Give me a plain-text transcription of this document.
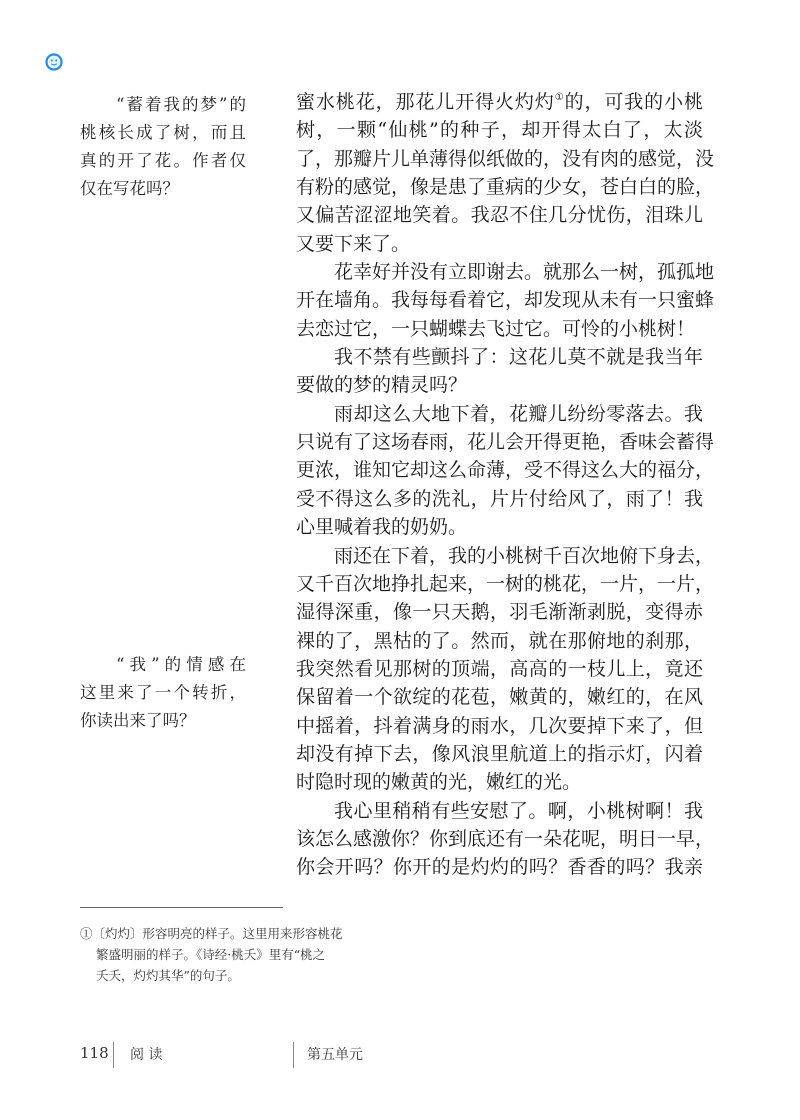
“蓄着我的梦”的
桃核长成了树，而且
真的开了花。作者仅
仅在写花吗？
“我”的情感在
这里来了一个转折，
你读出来了吗？
蜜水桃花，那花儿开得火灼灼①的，可我的小桃
树，一颗“仙桃”的种子，却开得太白了，太淡
了，那瓣片儿单薄得似纸做的，没有肉的感觉，没
有粉的感觉，像是患了重病的少女，苍白白的脸，
又偏苦涩涩地笑着。我忍不住几分忧伤，泪珠儿
又要下来了。
花幸好并没有立即谢去。就那么一树，孤孤地
开在墙角。我每每看着它，却发现从未有一只蜜蜂
去恋过它，一只蝴蝶去飞过它。可怜的小桃树！
我不禁有些颤抖了：这花儿莫不就是我当年
要做的梦的精灵吗？
雨却这么大地下着，花瓣儿纷纷零落去。我
只说有了这场春雨，花儿会开得更艳，香味会蓄得
更浓，谁知它却这么命薄，受不得这么大的福分，
受不得这么多的洗礼，片片付给风了，雨了！我
心里喊着我的奶奶。
雨还在下着，我的小桃树千百次地俯下身去，
又千百次地挣扎起来，一树的桃花，一片，一片，
湿得深重，像一只天鹅，羽毛渐渐剥脱，变得赤
裸的了，黑枯的了。然而，就在那俯地的刹那，
我突然看见那树的顶端，高高的一枝儿上，竟还
保留着一个欲绽的花苞，嫩黄的，嫩红的，在风
中摇着，抖着满身的雨水，几次要掉下来了，但
却没有掉下去，像风浪里航道上的指示灯，闪着
时隐时现的嫩黄的光，嫩红的光。
我心里稍稍有些安慰了。啊，小桃树啊！我
该怎么感激你？你到底还有一朵花呢，明日一早，
你会开吗？你开的是灼灼的吗？香香的吗？我亲
①〔灼灼〕形容明亮的样子。这里用来形容桃花
繁盛明丽的样子。《诗经·桃夭》里有“桃之
夭夭，灼灼其华”的句子。
118 阅 读	第五单元
